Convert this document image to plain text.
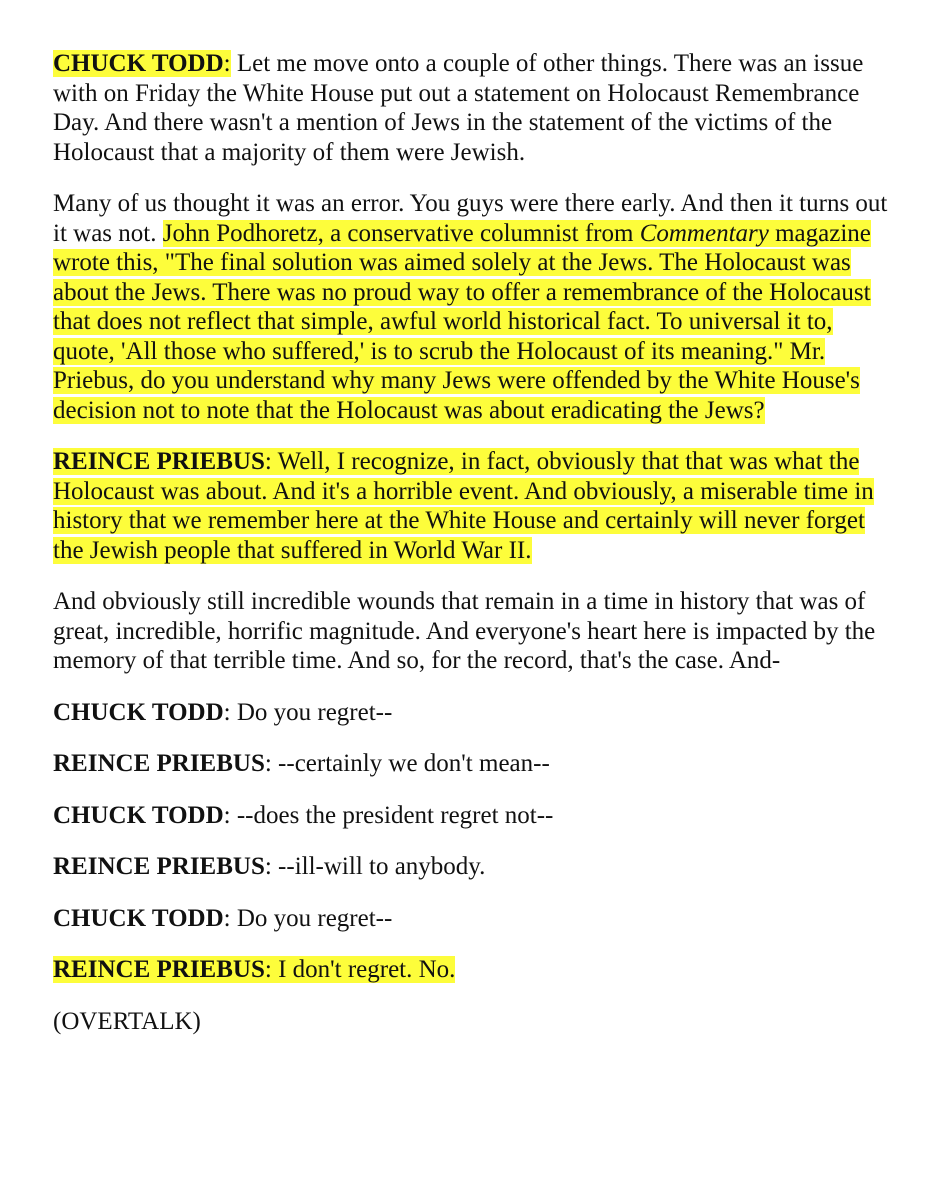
CHUCK TODD: Let me move onto a couple of other things. There was an issue with on Friday the White House put out a statement on Holocaust Remembrance Day. And there wasn't a mention of Jews in the statement of the victims of the Holocaust that a majority of them were Jewish.

Many of us thought it was an error. You guys were there early. And then it turns out it was not. John Podhoretz, a conservative columnist from Commentary magazine wrote this, "The final solution was aimed solely at the Jews. The Holocaust was about the Jews. There was no proud way to offer a remembrance of the Holocaust that does not reflect that simple, awful world historical fact. To universal it to, quote, 'All those who suffered,' is to scrub the Holocaust of its meaning." Mr. Priebus, do you understand why many Jews were offended by the White House's decision not to note that the Holocaust was about eradicating the Jews?

REINCE PRIEBUS: Well, I recognize, in fact, obviously that that was what the Holocaust was about. And it's a horrible event. And obviously, a miserable time in history that we remember here at the White House and certainly will never forget the Jewish people that suffered in World War II.

And obviously still incredible wounds that remain in a time in history that was of great, incredible, horrific magnitude. And everyone's heart here is impacted by the memory of that terrible time. And so, for the record, that's the case. And-

CHUCK TODD: Do you regret--

REINCE PRIEBUS: --certainly we don't mean--

CHUCK TODD: --does the president regret not--

REINCE PRIEBUS: --ill-will to anybody.

CHUCK TODD: Do you regret--

REINCE PRIEBUS: I don't regret. No.

(OVERTALK)
